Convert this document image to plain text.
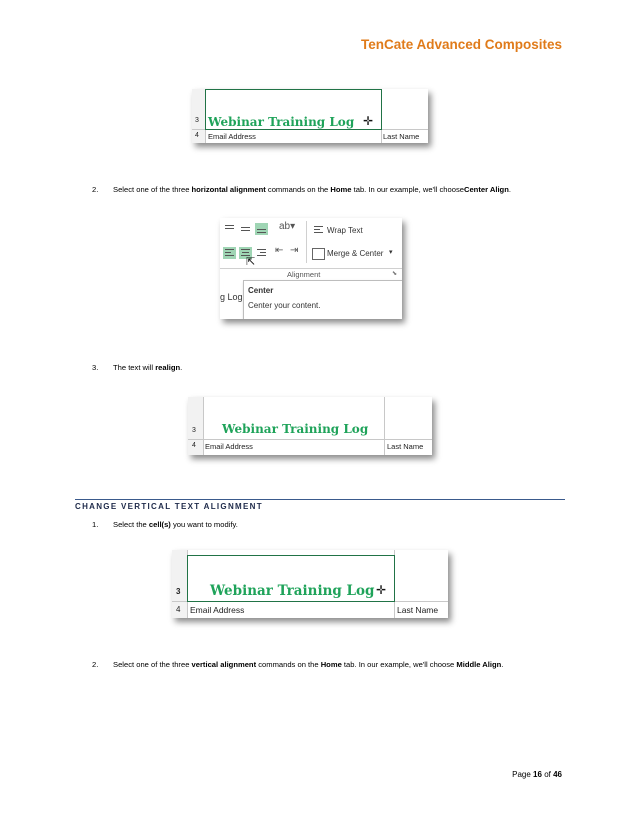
TenCate Advanced Composites
3
4
Webinar Training Log ✛
Email Address	Last Name
2. Select one of the three horizontal alignment commands on the Home tab. In our example, we'll chooseCenter Align.
ab▾	Wrap Text
⇱
⇤ ⇥	Merge & Center ▾
Alignment	⬊
g Log
Center
Center your content.
3. The text will realign.
3
4
Webinar Training Log
Email Address	Last Name
CHANGE VERTICAL TEXT ALIGNMENT
1. Select the cell(s) you want to modify.
3
4
Webinar Training Log ✛
Email Address	Last Name
2. Select one of the three vertical alignment commands on the Home tab. In our example, we'll choose Middle Align.
Page 16 of 46
